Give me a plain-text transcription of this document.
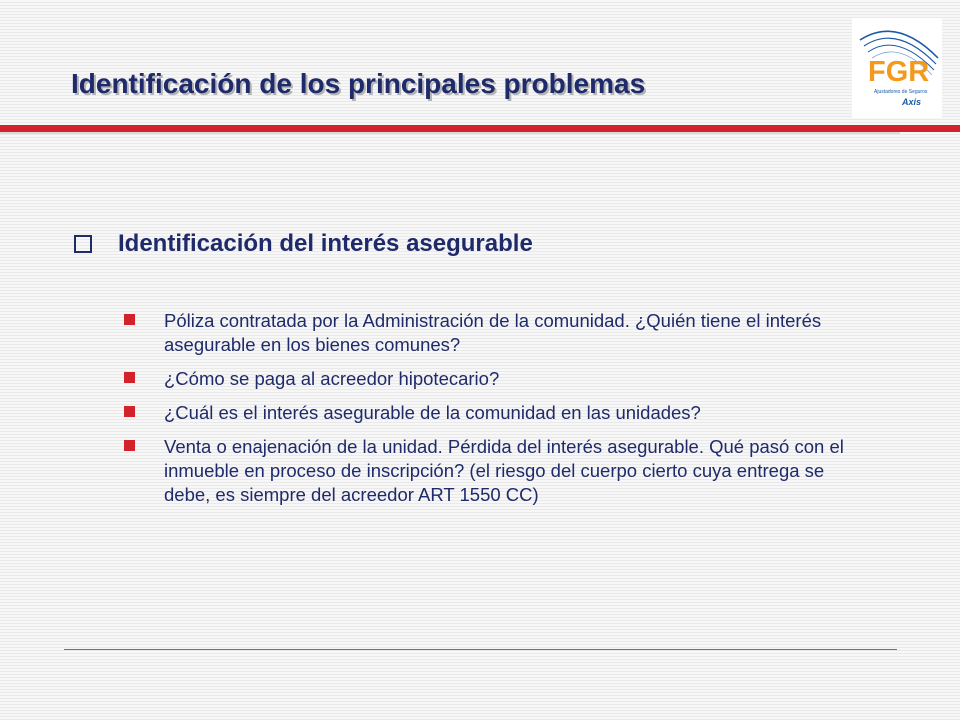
Identificación de los principales problemas	FGR
Ajustadores de Seguros
Axis
Identificación del interés asegurable
Póliza contratada por la Administración de la comunidad. ¿Quién tiene el interés asegurable en los bienes comunes?
¿Cómo se paga al acreedor hipotecario?
¿Cuál es el interés asegurable de la comunidad en las unidades?
Venta o enajenación de la unidad. Pérdida del interés asegurable. Qué pasó con el inmueble en proceso de inscripción? (el riesgo del cuerpo cierto cuya entrega se debe, es siempre del acreedor ART 1550 CC)
